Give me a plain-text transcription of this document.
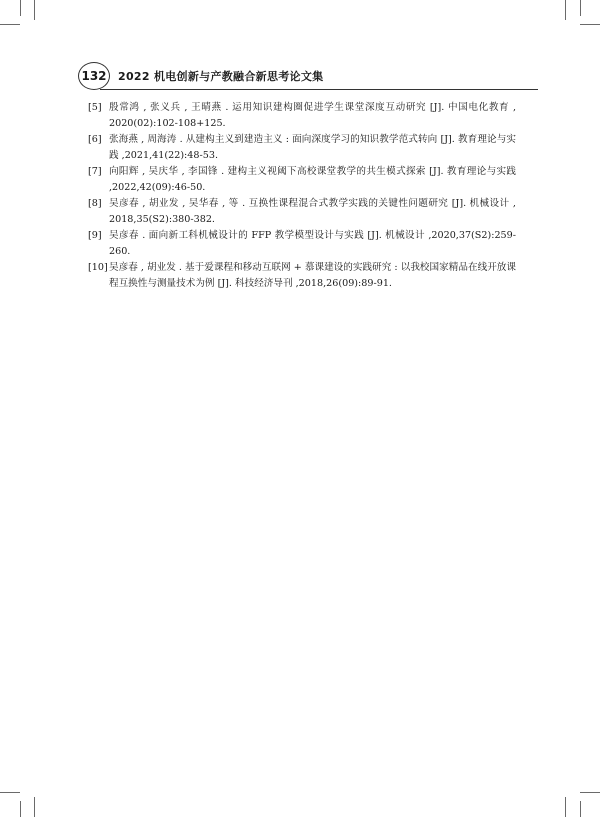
132	2022 机电创新与产教融合新思考论文集
[5] 殷常鸿 , 张义兵 , 王晴燕 . 运用知识建构圈促进学生课堂深度互动研究 [J]. 中国电化教育 , 2020(02):102-108+125.
[6] 张海燕 , 周海涛 . 从建构主义到建造主义 : 面向深度学习的知识教学范式转向 [J]. 教育理论与实践 ,2021,41(22):48-53.
[7] 向阳辉 , 吴庆华 , 李国锋 . 建构主义视阈下高校课堂教学的共生模式探索 [J]. 教育理论与实践 ,2022,42(09):46-50.
[8] 吴彦春 , 胡业发 , 吴华春 , 等 . 互换性课程混合式教学实践的关键性问题研究 [J]. 机械设计 , 2018,35(S2):380-382.
[9] 吴彦春 . 面向新工科机械设计的 FFP 教学模型设计与实践 [J]. 机械设计 ,2020,37(S2):259-260.
[10] 吴彦春 , 胡业发 . 基于爱课程和移动互联网 + 慕课建设的实践研究 : 以我校国家精品在线开放课程互换性与测量技术为例 [J]. 科技经济导刊 ,2018,26(09):89-91.
